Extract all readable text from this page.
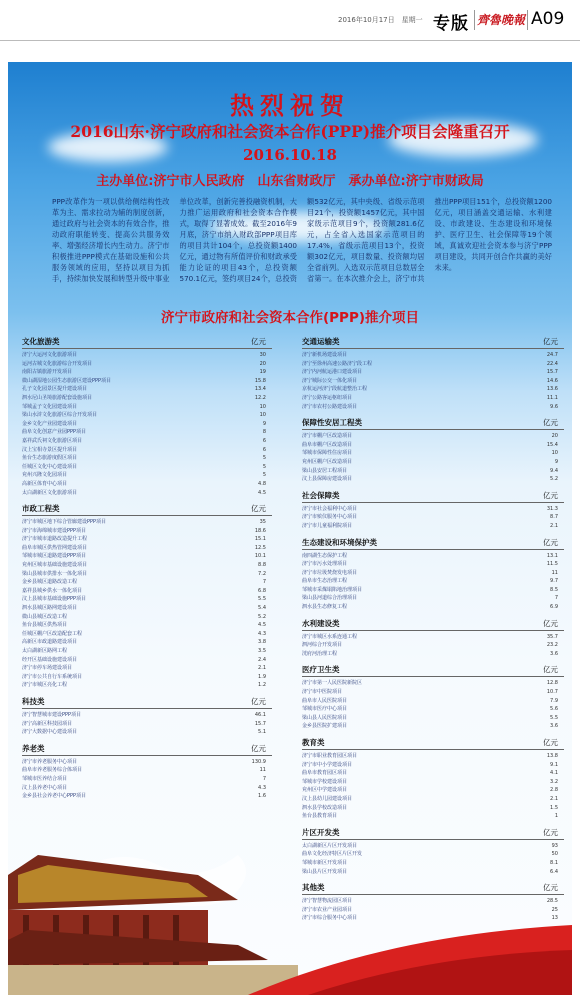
2016年10月17日　星期一 专版 齊魯晚報 A09
热烈祝贺
2016山东·济宁政府和社会资本合作(PPP)推介项目会隆重召开
2016.10.18
主办单位:济宁市人民政府　山东省财政厅　承办单位:济宁市财政局
PPP改革作为一项以供给侧结构性改革为主、需求拉动为辅的制度创新，通过政府与社会资本的有效合作，推动政府职能转变、提高公共服务效率、增强经济增长内生动力。济宁市积极推进PPP模式在基础设施和公共服务领域的应用，坚持以项目为抓手，持续加快发展和转型升级中事业单位改革，创新完善投融资机制，大力推广运用政府和社会资本合作模式，取得了显著成效。截至2016年9月底，济宁市纳入财政部PPP项目库的项目共计104个，总投资额1400亿元，通过物有所值评价和财政承受能力论证的项目43个，总投资额570.1亿元，签约项目24个，总投资额532亿元，其中央级、省级示范项目21个，投资额1457亿元，其中国家级示范项目9个，投资额281.6亿元，占全省入选国家示范项目的17.4%，省级示范项目13个，投资额302亿元，项目数量、投资额均居全省前列。入选双示范项目总数居全省第一。在本次推介会上，济宁市共推出PPP项目151个，总投资额1200亿元，项目涵盖交通运输、水利建设、市政建设、生态建设和环境保护、医疗卫生、社会保障等19个领域，真诚欢迎社会资本参与济宁PPP项目建设，共同开创合作共赢的美好未来。
济宁市政府和社会资本合作(PPP)推介项目
文化旅游类	亿元
济宁大运河文化旅游项目	30
运河古城文化旅游综合开发项目	20
南阳古镇旅游开发项目	19
微山湖湿地公园生态旅游区建设PPP项目	15.8
孔子文化园景区提升建设项目	13.4
泗水尼山圣境旅游配套设施项目	12.2
邹城孟子文化园建设项目	10
梁山水浒文化旅游区综合开发项目	10
金乡文化产业园建设项目	9
曲阜文化创意产业园PPP项目	8
嘉祥武氏祠文化旅游区项目	6
汶上宝相寺景区提升项目	6
鱼台生态旅游度假区项目	5
任城区文化中心建设项目	5
兖州兴隆文化园项目	5
高新区体育中心项目	4.8
太白湖新区文化旅游项目	4.5
市政工程类	亿元
济宁市城区地下综合管廊建设PPP项目	35
济宁市海绵城市建设PPP项目	18.6
济宁市城市道路改造提升工程	15.1
曲阜市城区供热管网建设项目	12.5
邹城市城区道路建设PPP项目	10.1
兖州区城市基础设施建设项目	8.8
梁山县城市供排水一体化项目	7.2
金乡县城区道路改造工程	7
嘉祥县城乡供水一体化项目	6.8
汶上县城市基础设施PPP项目	5.5
泗水县城区路网建设项目	5.4
微山县城区改造工程	5.2
鱼台县城区供热项目	4.5
任城区棚户区改造配套工程	4.3
高新区市政道路建设项目	3.8
太白湖新区路网工程	3.5
经开区基础设施建设项目	2.4
济宁市停车场建设项目	2.1
济宁市公共自行车系统项目	1.9
济宁市城区亮化工程	1.2
科技类	亿元
济宁智慧城市建设PPP项目	46.1
济宁高新区科技园项目	15.7
济宁大数据中心建设项目	5.1
养老类	亿元
济宁市养老服务中心项目	130.9
曲阜市养老服务综合体项目	11
邹城市医养结合项目	7
汶上县养老中心项目	4.3
金乡县社会养老中心PPP项目	1.6
交通运输类	亿元
济宁新机场建设项目	24.7
济宁至徐州高速公路济宁段工程	22.4
济宁内河航运港口建设项目	15.7
济宁城际公交一体化项目	14.6
京杭运河济宁段航道整治工程	13.6
济宁公路客运枢纽项目	11.1
济宁市农村公路建设项目	9.6
保障性安居工程类	亿元
济宁市棚户区改造项目	20
曲阜市棚户区改造项目	15.4
邹城市保障性住房项目	10
兖州区棚户区改造项目	9
梁山县安居工程项目	9.4
汶上县保障房建设项目	5.2
社会保障类	亿元
济宁市社会福利中心项目	31.3
济宁市殡仪服务中心项目	8.7
济宁市儿童福利院项目	2.1
生态建设和环境保护类	亿元
南四湖生态保护工程	13.1
济宁市污水处理项目	11.5
济宁市垃圾焚烧发电项目	11
曲阜市生态治理工程	9.7
邹城市采煤塌陷地治理项目	8.5
梁山县河道综合治理项目	7
泗水县生态修复工程	6.9
水利建设类	亿元
济宁市城区水系连通工程	35.7
泗河综合开发项目	23.2
洸府河治理工程	3.6
医疗卫生类	亿元
济宁市第一人民医院新院区	12.8
济宁市中医院项目	10.7
曲阜市人民医院项目	7.9
邹城市医疗中心项目	5.6
梁山县人民医院项目	5.5
金乡县医院扩建项目	3.6
教育类	亿元
济宁市职业教育园区项目	13.8
济宁市中小学建设项目	9.1
曲阜市教育园区项目	4.1
邹城市学校建设项目	3.2
兖州区中学建设项目	2.8
汶上县幼儿园建设项目	2.1
泗水县学校改造项目	1.5
鱼台县教育项目	1
片区开发类	亿元
太白湖新区片区开发项目	93
曲阜文化经济特区片区开发	50
邹城市新区开发项目	8.1
梁山县片区开发项目	6.4
其他类	亿元
济宁智慧物流园区项目	28.5
济宁市农业产业园项目	25
济宁市综合服务中心项目	13
